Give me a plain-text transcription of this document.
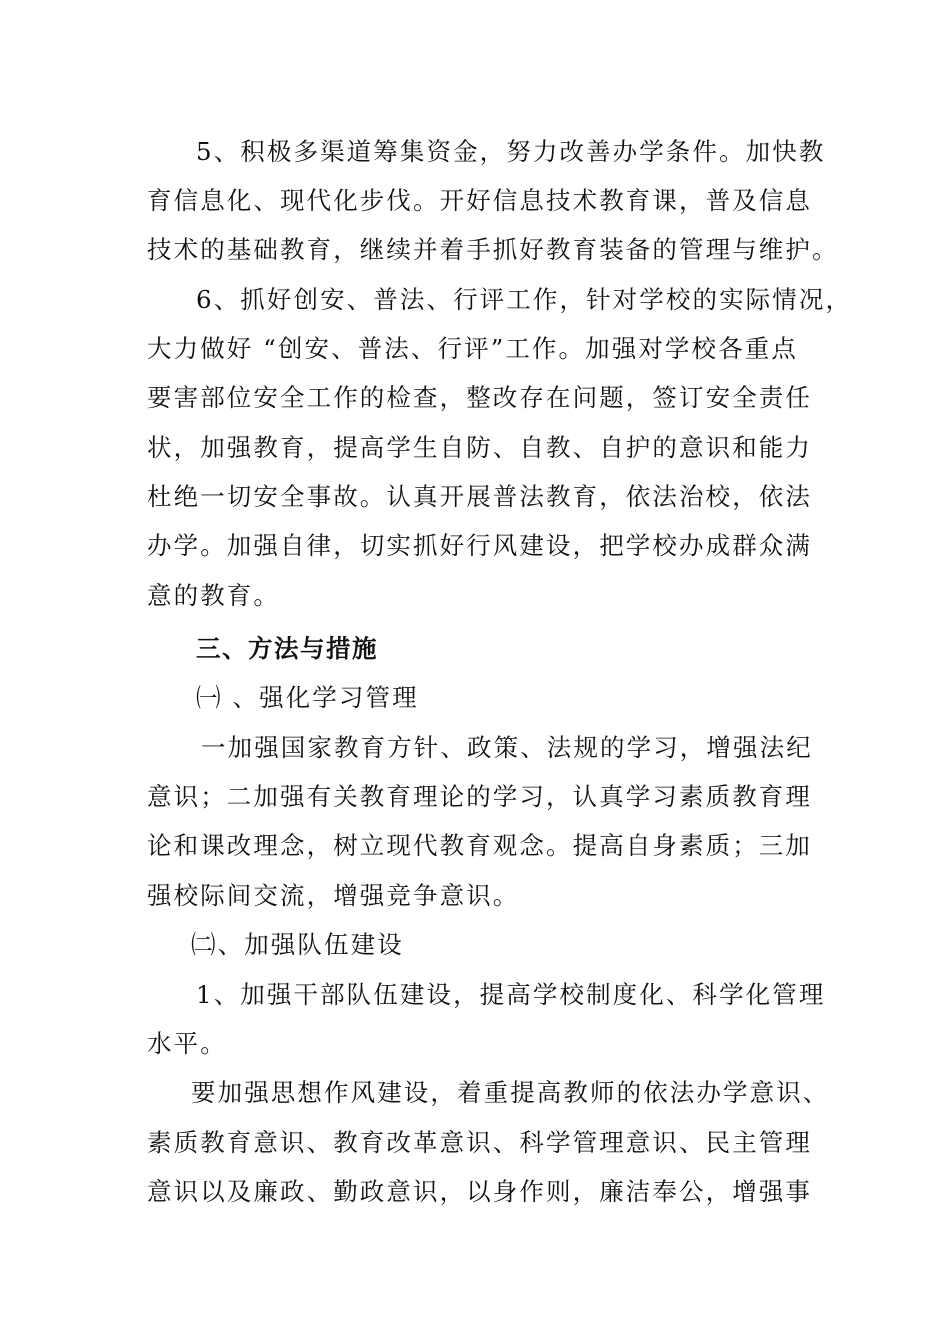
5、积极多渠道筹集资金，努力改善办学条件。加快教
育信息化、现代化步伐。开好信息技术教育课，普及信息
技术的基础教育，继续并着手抓好教育装备的管理与维护。
6、抓好创安、普法、行评工作，针对学校的实际情况，
大力做好 “创安、普法、行评”工作。加强对学校各重点
要害部位安全工作的检查，整改存在问题，签订安全责任
状，加强教育，提高学生自防、自教、自护的意识和能力
杜绝一切安全事故。认真开展普法教育，依法治校，依法
办学。加强自律，切实抓好行风建设，把学校办成群众满
意的教育。
三、方法与措施
㈠ 、强化学习管理
一加强国家教育方针、政策、法规的学习，增强法纪
意识；二加强有关教育理论的学习，认真学习素质教育理
论和课改理念，树立现代教育观念。提高自身素质；三加
强校际间交流，增强竞争意识。
㈡、加强队伍建设
1、加强干部队伍建设，提高学校制度化、科学化管理
水平。
要加强思想作风建设，着重提高教师的依法办学意识、
素质教育意识、教育改革意识、科学管理意识、民主管理
意识以及廉政、勤政意识，以身作则，廉洁奉公，增强事
